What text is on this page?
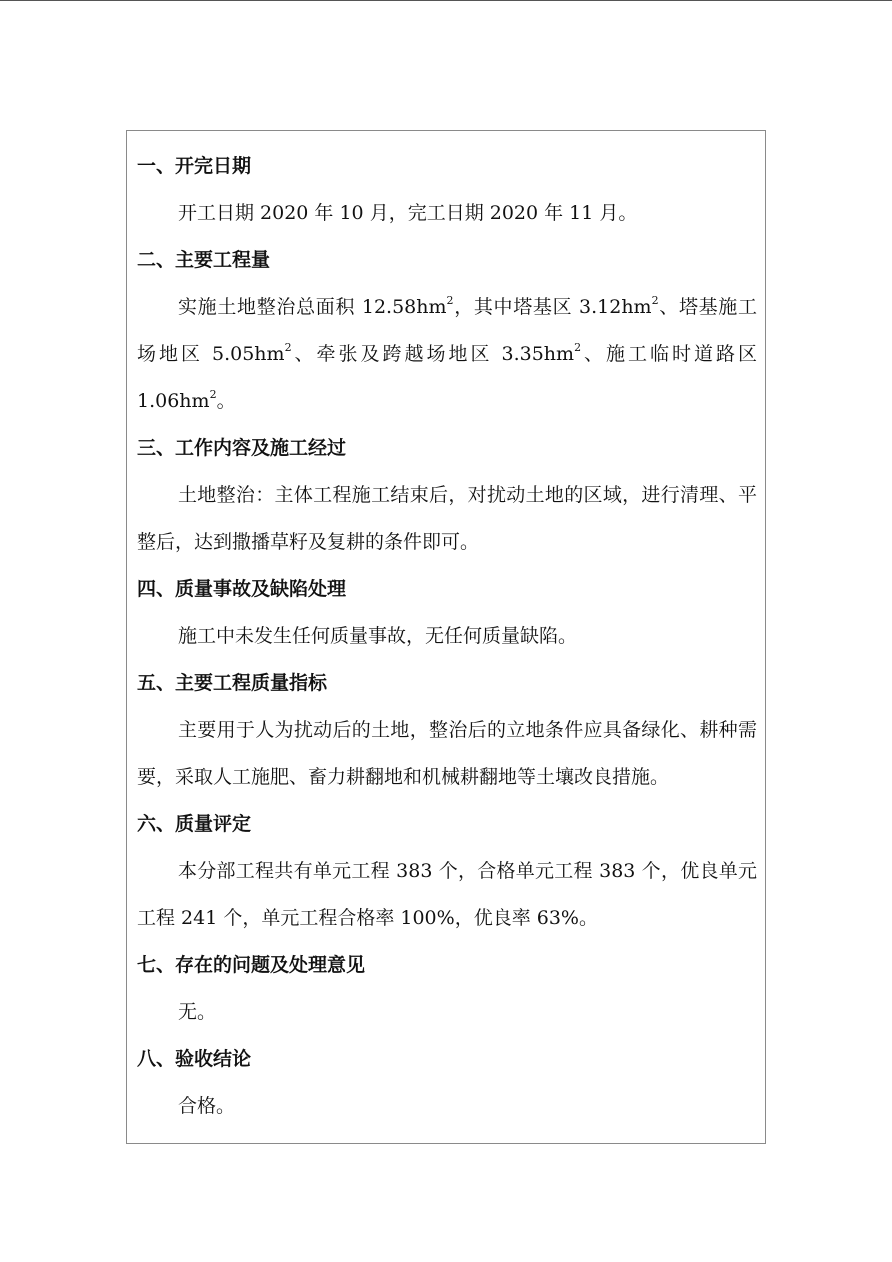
一、开完日期

开工日期 2020 年 10 月，完工日期 2020 年 11 月。

二、主要工程量

实施土地整治总面积 $12.58hm^2$，其中塔基区 $3.12hm^2$、塔基施工场地区 $5.05hm^2$、牵张及跨越场地区 $3.35hm^2$、施工临时道路区 $1.06hm^2$。

三、工作内容及施工经过

土地整治：主体工程施工结束后，对扰动土地的区域，进行清理、平整后，达到撒播草籽及复耕的条件即可。

四、质量事故及缺陷处理

施工中未发生任何质量事故，无任何质量缺陷。

五、主要工程质量指标

主要用于人为扰动后的土地，整治后的立地条件应具备绿化、耕种需要，采取人工施肥、畜力耕翻地和机械耕翻地等土壤改良措施。

六、质量评定

本分部工程共有单元工程 383 个，合格单元工程 383 个，优良单元工程 241 个，单元工程合格率 100%，优良率 63%。

七、存在的问题及处理意见

无。

八、验收结论

合格。
